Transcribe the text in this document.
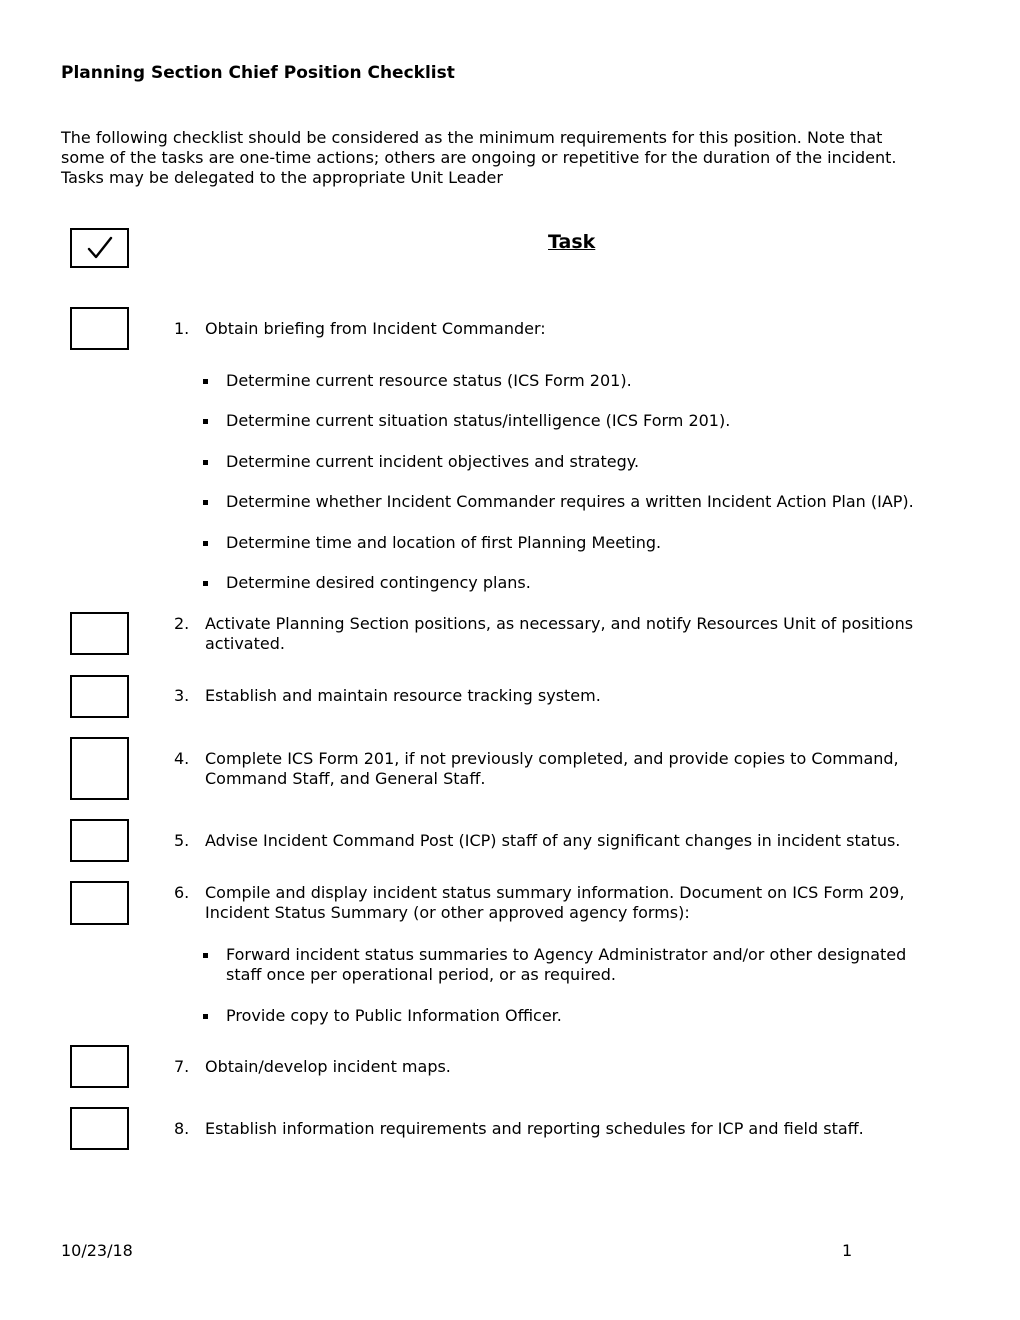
Planning Section Chief Position Checklist

The following checklist should be considered as the minimum requirements for this position. Note that

some of the tasks are one-time actions; others are ongoing or repetitive for the duration of the incident.

Tasks may be delegated to the appropriate Unit Leader

Task
1. Obtain briefing from Incident Commander:
Determine current resource status (ICS Form 201).
Determine current situation status/intelligence (ICS Form 201).
Determine current incident objectives and strategy.
Determine whether Incident Commander requires a written Incident Action Plan (IAP).
Determine time and location of first Planning Meeting.
Determine desired contingency plans.
2. Activate Planning Section positions, as necessary, and notify Resources Unit of positions
activated.
3. Establish and maintain resource tracking system.
4. Complete ICS Form 201, if not previously completed, and provide copies to Command,
Command Staff, and General Staff.
5. Advise Incident Command Post (ICP) staff of any significant changes in incident status.
6. Compile and display incident status summary information. Document on ICS Form 209,
Incident Status Summary (or other approved agency forms):
Forward incident status summaries to Agency Administrator and/or other designated
staff once per operational period, or as required.
Provide copy to Public Information Officer.
7. Obtain/develop incident maps.
8. Establish information requirements and reporting schedules for ICP and field staff.
10/23/18	1
